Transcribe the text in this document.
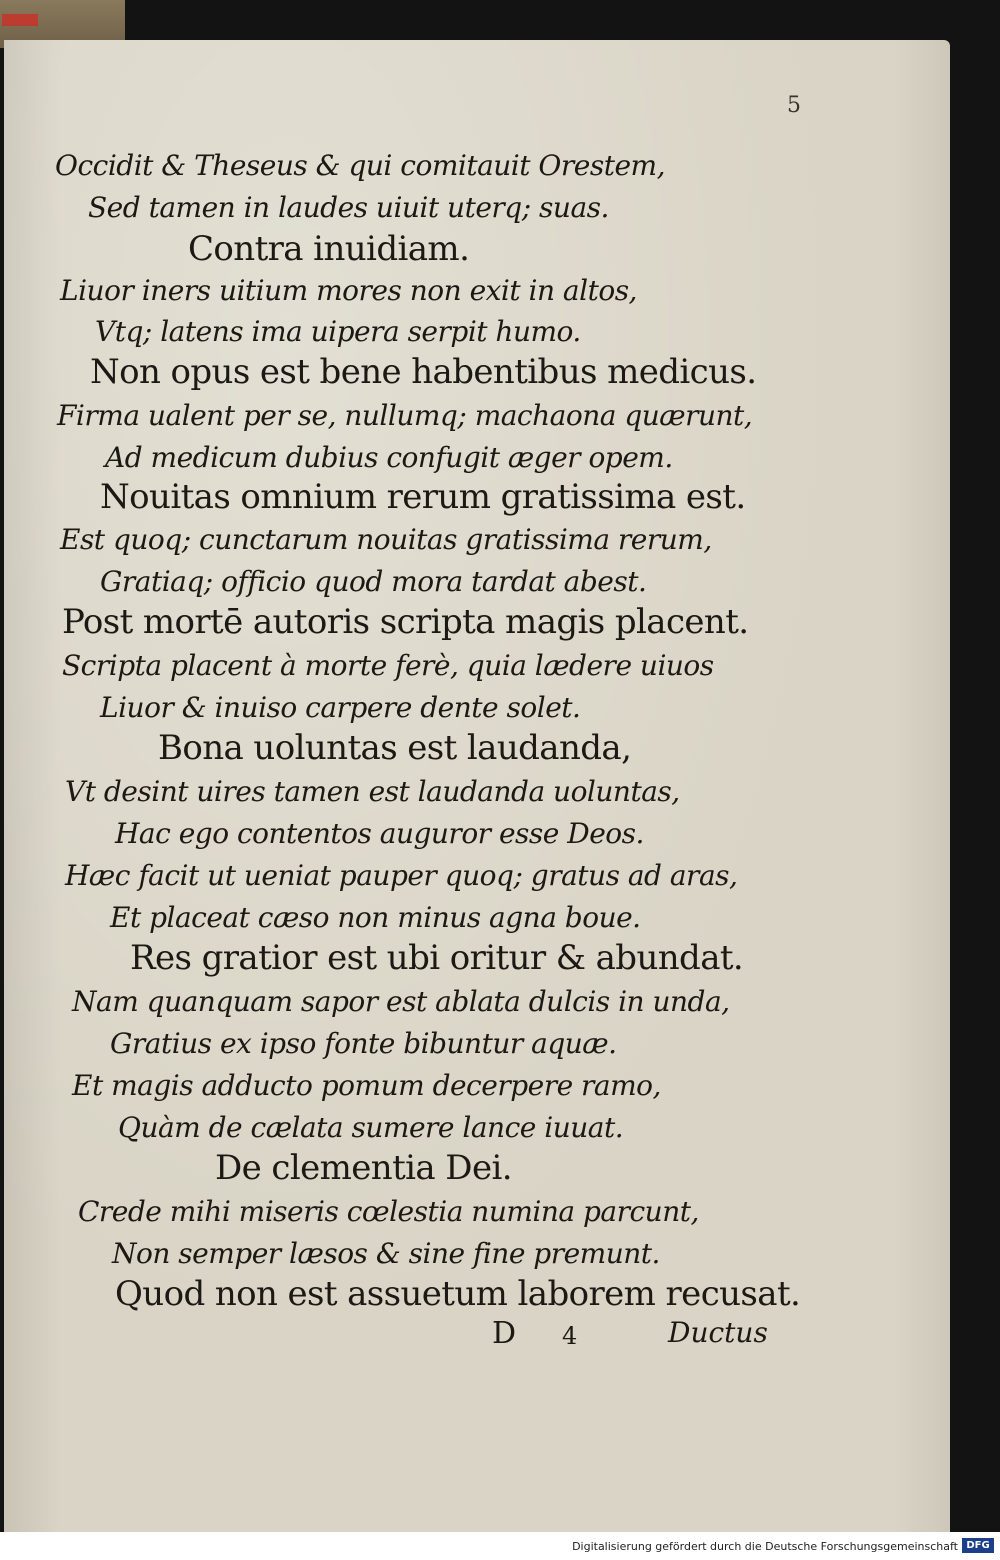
5
Occidit & Theseus & qui comitauit Orestem,
Sed tamen in laudes uiuit uterq; suas.
Contra inuidiam.
Liuor iners uitium mores non exit in altos,
Vtq; latens ima uipera serpit humo.
Non opus est bene habentibus medicus.
Firma ualent per se, nullumq; machaona quærunt,
Ad medicum dubius confugit æger opem.
Nouitas omnium rerum gratissima est.
Est quoq; cunctarum nouitas gratissima rerum,
Gratiaq; officio quod mora tardat abest.
Post mortē autoris scripta magis placent.
Scripta placent à morte ferè, quia lædere uiuos
Liuor & inuiso carpere dente solet.
Bona uoluntas est laudanda,
Vt desint uires tamen est laudanda uoluntas,
Hac ego contentos auguror esse Deos.
Hæc facit ut ueniat pauper quoq; gratus ad aras,
Et placeat cæso non minus agna boue.
Res gratior est ubi oritur & abundat.
Nam quanquam sapor est ablata dulcis in unda,
Gratius ex ipso fonte bibuntur aquæ.
Et magis adducto pomum decerpere ramo,
Quàm de cælata sumere lance iuuat.
De clementia Dei.
Crede mihi miseris cœlestia numina parcunt,
Non semper læsos & sine fine premunt.
Quod non est assuetum laborem recusat.
D 4	Ductus
Digitalisierung gefördert durch die Deutsche Forschungsgemeinschaft DFG
